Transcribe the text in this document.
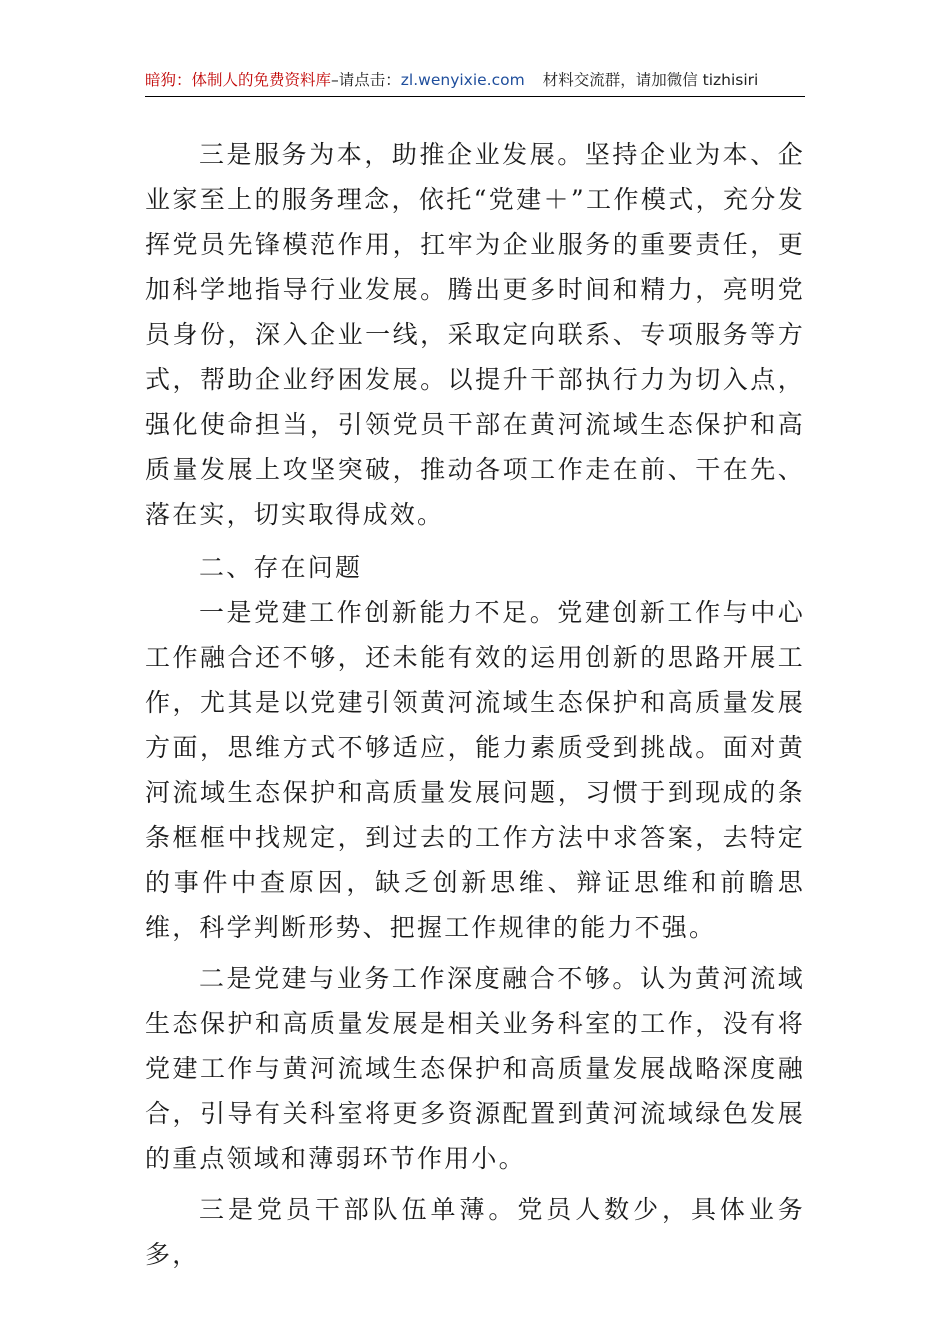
暗狗：体制人的免费资料库–请点击：zl.wenyixie.com 材料交流群，请加微信 tizhisiri

三是服务为本，助推企业发展。坚持企业为本、企业家至上的服务理念，依托“党建＋”工作模式，充分发挥党员先锋模范作用，扛牢为企业服务的重要责任，更加科学地指导行业发展。腾出更多时间和精力，亮明党员身份，深入企业一线，采取定向联系、专项服务等方式，帮助企业纾困发展。以提升干部执行力为切入点，强化使命担当，引领党员干部在黄河流域生态保护和高质量发展上攻坚突破，推动各项工作走在前、干在先、落在实，切实取得成效。

二、存在问题

一是党建工作创新能力不足。党建创新工作与中心工作融合还不够，还未能有效的运用创新的思路开展工作，尤其是以党建引领黄河流域生态保护和高质量发展方面，思维方式不够适应，能力素质受到挑战。面对黄河流域生态保护和高质量发展问题，习惯于到现成的条条框框中找规定，到过去的工作方法中求答案，去特定的事件中查原因，缺乏创新思维、辩证思维和前瞻思维，科学判断形势、把握工作规律的能力不强。

二是党建与业务工作深度融合不够。认为黄河流域生态保护和高质量发展是相关业务科室的工作，没有将党建工作与黄河流域生态保护和高质量发展战略深度融合，引导有关科室将更多资源配置到黄河流域绿色发展的重点领域和薄弱环节作用小。

三是党员干部队伍单薄。党员人数少，具体业务多，
